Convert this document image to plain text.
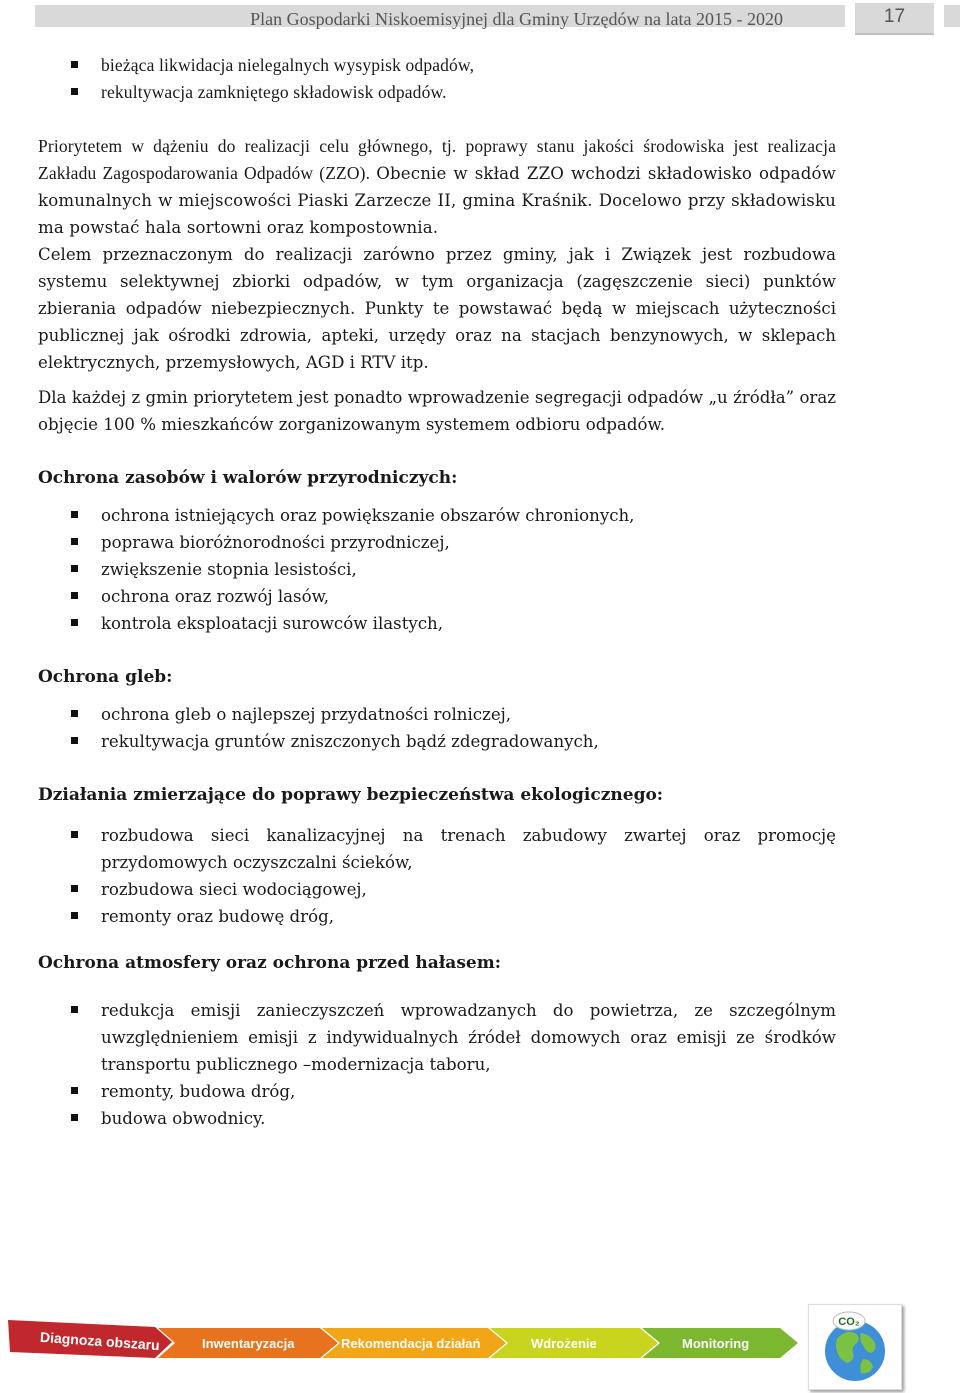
Plan Gospodarki Niskoemisyjnej dla Gminy Urzędów na lata 2015 - 2020	17
bieżąca likwidacja nielegalnych wysypisk odpadów,
rekultywacja zamkniętego składowisk odpadów.

Priorytetem w dążeniu do realizacji celu głównego, tj. poprawy stanu jakości środowiska jest realizacja Zakładu Zagospodarowania Odpadów (ZZO). Obecnie w skład ZZO wchodzi składowisko odpadów komunalnych w miejscowości Piaski Zarzecze II, gmina Kraśnik. Docelowo przy składowisku ma powstać hala sortowni oraz kompostownia.

Celem przeznaczonym do realizacji zarówno przez gminy, jak i Związek jest rozbudowa systemu selektywnej zbiorki odpadów, w tym organizacja (zagęszczenie sieci) punktów zbierania odpadów niebezpiecznych. Punkty te powstawać będą w miejscach użyteczności publicznej jak ośrodki zdrowia, apteki, urzędy oraz na stacjach benzynowych, w sklepach elektrycznych, przemysłowych, AGD i RTV itp.

Dla każdej z gmin priorytetem jest ponadto wprowadzenie segregacji odpadów „u źródła” oraz objęcie 100 % mieszkańców zorganizowanym systemem odbioru odpadów.

Ochrona zasobów i walorów przyrodniczych:
ochrona istniejących oraz powiększanie obszarów chronionych,
poprawa bioróżnorodności przyrodniczej,
zwiększenie stopnia lesistości,
ochrona oraz rozwój lasów,
kontrola eksploatacji surowców ilastych,
Ochrona gleb:
ochrona gleb o najlepszej przydatności rolniczej,
rekultywacja gruntów zniszczonych bądź zdegradowanych,
Działania zmierzające do poprawy bezpieczeństwa ekologicznego:
rozbudowa sieci kanalizacyjnej na trenach zabudowy zwartej oraz promocję przydomowych oczyszczalni ścieków,
rozbudowa sieci wodociągowej,
remonty oraz budowę dróg,
Ochrona atmosfery oraz ochrona przed hałasem:
redukcja emisji zanieczyszczeń wprowadzanych do powietrza, ze szczególnym uwzględnieniem emisji z indywidualnych źródeł domowych oraz emisji ze środków transportu publicznego –modernizacja taboru,
remonty, budowa dróg,
budowa obwodnicy.
Diagnoza obszaru	Inwentaryzacja	Rekomendacja działań	Wdrożenie	Monitoring
CO₂
